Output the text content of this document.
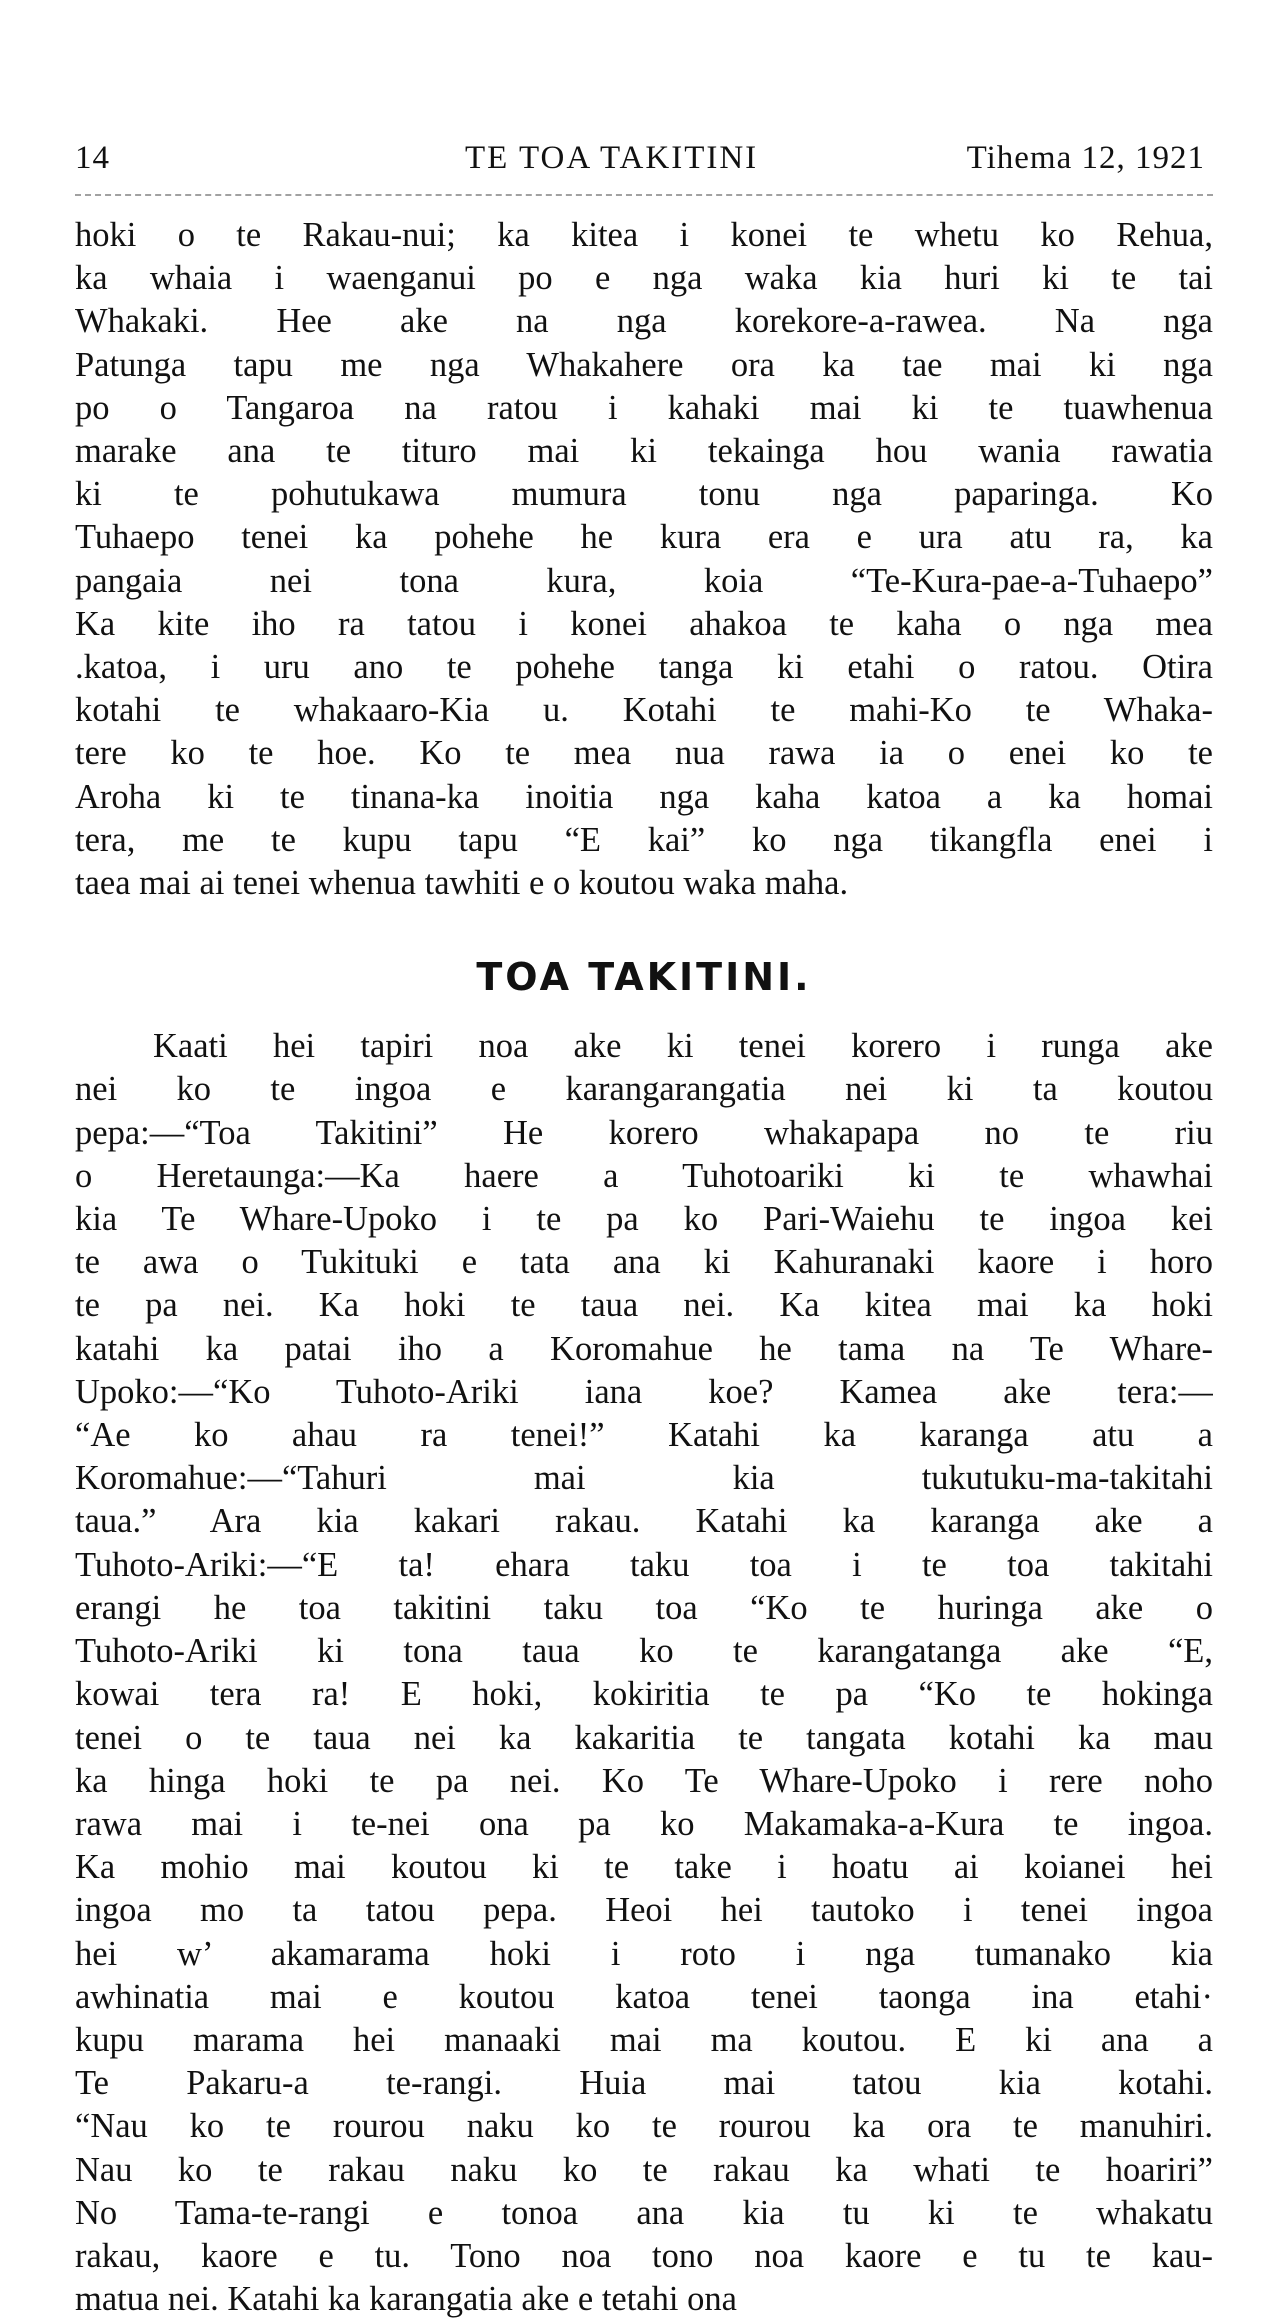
14	TE TOA TAKITINI	Tihema 12, 1921
hoki o te Rakau-nui; ka kitea i konei te whetu ko Rehua,
ka whaia i waenganui po e nga waka kia huri ki te tai
Whakaki. Hee ake na nga korekore-a-rawea. Na nga
Patunga tapu me nga Whakahere ora ka tae mai ki nga
po o Tangaroa na ratou i kahaki mai ki te tuawhenua
marake ana te tituro mai ki tekainga hou wania rawatia
ki te pohutukawa mumura tonu nga paparinga. Ko
Tuhaepo tenei ka pohehe he kura era e ura atu ra, ka
pangaia nei tona kura, koia “Te-Kura-pae-a-Tuhaepo”
Ka kite iho ra tatou i konei ahakoa te kaha o nga mea
.katoa, i uru ano te pohehe tanga ki etahi o ratou. Otira
kotahi te whakaaro-Kia u. Kotahi te mahi-Ko te Whaka-
tere ko te hoe. Ko te mea nua rawa ia o enei ko te
Aroha ki te tinana-ka inoitia nga kaha katoa a ka homai
tera, me te kupu tapu “E kai” ko nga tikangfla enei i
taea mai ai tenei whenua tawhiti e o koutou waka maha.
TOA TAKITINI.
Kaati hei tapiri noa ake ki tenei korero i runga ake
nei ko te ingoa e karangarangatia nei ki ta koutou
pepa:—“Toa Takitini” He korero whakapapa no te riu
o Heretaunga:—Ka haere a Tuhotoariki ki te whawhai
kia Te Whare-Upoko i te pa ko Pari-Waiehu te ingoa kei
te awa o Tukituki e tata ana ki Kahuranaki kaore i horo
te pa nei. Ka hoki te taua nei. Ka kitea mai ka hoki
katahi ka patai iho a Koromahue he tama na Te Whare-
Upoko:—“Ko Tuhoto-Ariki iana koe? Kamea ake tera:—
“Ae ko ahau ra tenei!” Katahi ka karanga atu a
Koromahue:—“Tahuri mai kia tukutuku-ma-takitahi
taua.” Ara kia kakari rakau. Katahi ka karanga ake a
Tuhoto-Ariki:—“E ta! ehara taku toa i te toa takitahi
erangi he toa takitini taku toa “Ko te huringa ake o
Tuhoto-Ariki ki tona taua ko te karangatanga ake “E,
kowai tera ra! E hoki, kokiritia te pa “Ko te hokinga
tenei o te taua nei ka kakaritia te tangata kotahi ka mau
ka hinga hoki te pa nei. Ko Te Whare-Upoko i rere noho
rawa mai i te-nei ona pa ko Makamaka-a-Kura te ingoa.
Ka mohio mai koutou ki te take i hoatu ai koianei hei
ingoa mo ta tatou pepa. Heoi hei tautoko i tenei ingoa
hei w’ akamarama hoki i roto i nga tumanako kia
awhinatia mai e koutou katoa tenei taonga ina etahi·
kupu marama hei manaaki mai ma koutou. E ki ana a
Te Pakaru-a te-rangi. Huia mai tatou kia kotahi.
“Nau ko te rourou naku ko te rourou ka ora te manuhiri.
Nau ko te rakau naku ko te rakau ka whati te hoariri”
No Tama-te-rangi e tonoa ana kia tu ki te whakatu
rakau, kaore e tu. Tono noa tono noa kaore e tu te kau-
matua nei. Katahi ka karangatia ake e tetahi ona
